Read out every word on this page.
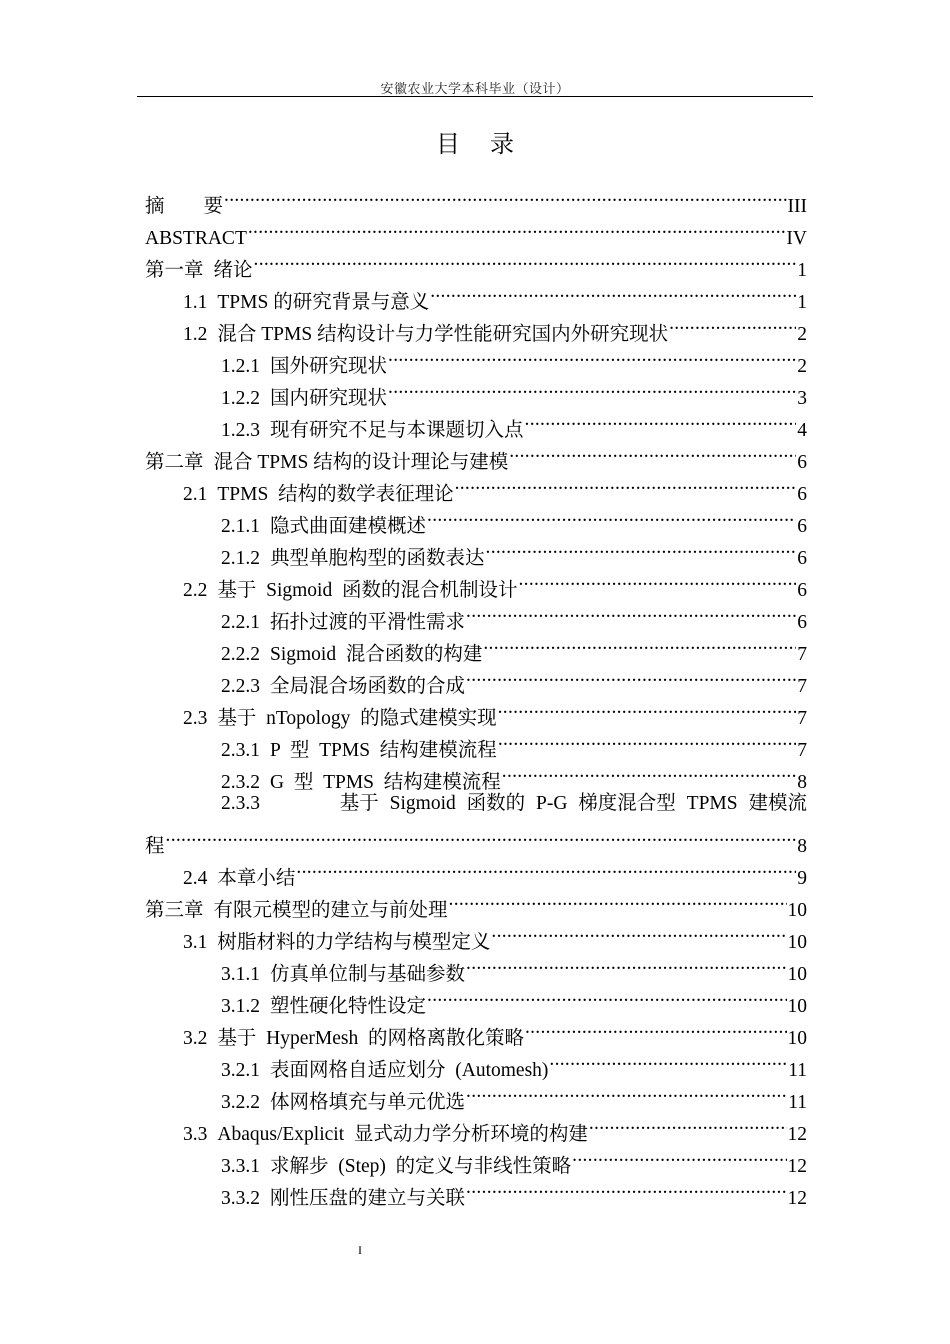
安徽农业大学本科毕业（设计）
目 录
摘        要 .....	III
ABSTRACT .....	IV
第一章 绪论 .....	1
1.1 TPMS 的研究背景与意义 .....	1
1.2 混合 TPMS 结构设计与力学性能研究国内外研究现状 .....	2
1.2.1 国外研究现状 .....	2
1.2.2 国内研究现状 .....	3
1.2.3 现有研究不足与本课题切入点 .....	4
第二章 混合 TPMS 结构的设计理论与建模 .....	6
2.1 TPMS  结构的数学表征理论 .....	6
2.1.1 隐式曲面建模概述 .....	6
2.1.2 典型单胞构型的函数表达 .....	6
2.2 基于  Sigmoid  函数的混合机制设计 .....	6
2.2.1 拓扑过渡的平滑性需求 .....	6
2.2.2 Sigmoid  混合函数的构建 .....	7
2.2.3 全局混合场函数的合成 .....	7
2.3 基于  nTopology  的隐式建模实现 .....	7
2.3.1 P  型  TPMS  结构建模流程 .....	7
2.3.2 G  型  TPMS  结构建模流程 .....	8
2.3.3	基于 Sigmoid 函数的 P-G 梯度混合型 TPMS 建模流
程 .....	8
2.4 本章小结 .....	9
第三章 有限元模型的建立与前处理 .....	10
3.1 树脂材料的力学结构与模型定义 .....	10
3.1.1 仿真单位制与基础参数 .....	10
3.1.2 塑性硬化特性设定 .....	10
3.2 基于  HyperMesh  的网格离散化策略 .....	10
3.2.1 表面网格自适应划分  (Automesh) .....	11
3.2.2 体网格填充与单元优选 .....	11
3.3 Abaqus/Explicit  显式动力学分析环境的构建 .....	12
3.3.1 求解步  (Step)  的定义与非线性策略 .....	12
3.3.2 刚性压盘的建立与关联 .....	12
I
